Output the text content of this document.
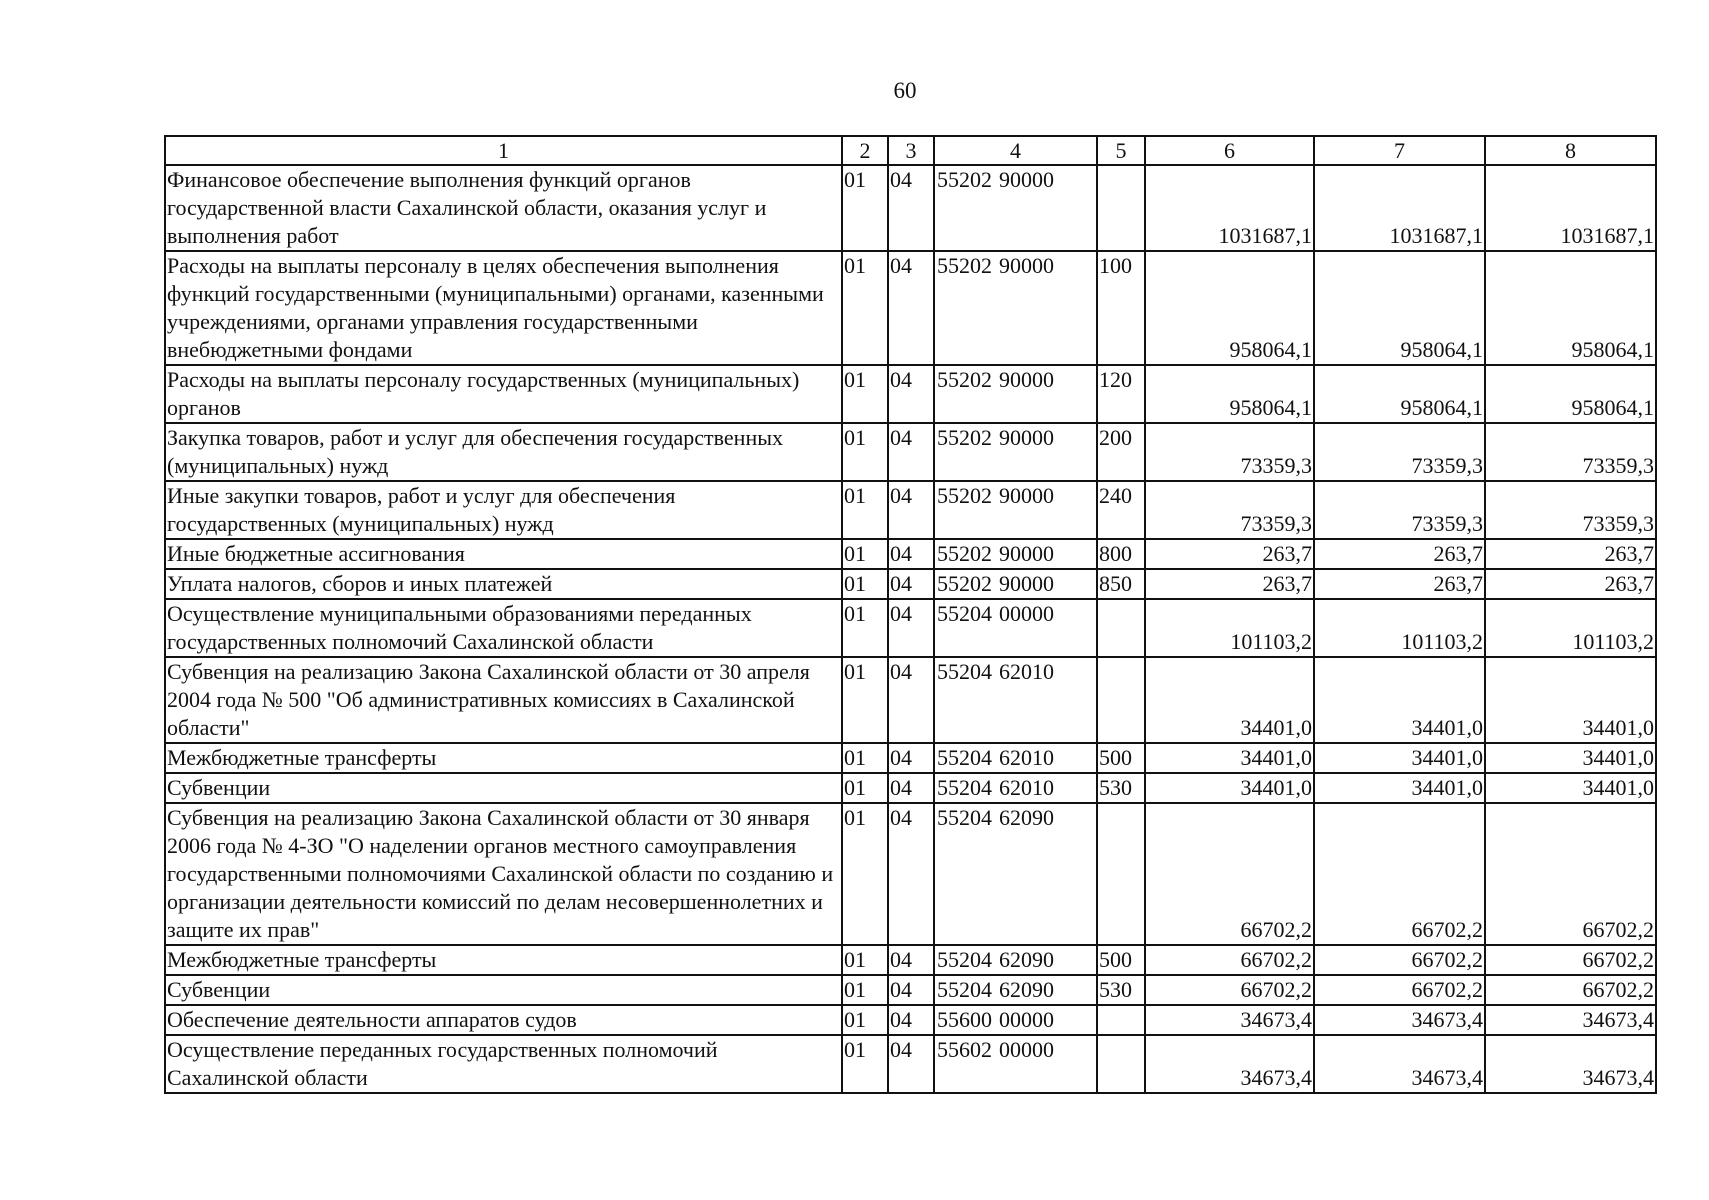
60
1	2	3	4	5	6	7	8
Финансовое обеспечение выполнения функций органов государственной власти Сахалинской области, оказания услуг и выполнения работ	01	04	55202 90000		1031687,1	1031687,1	1031687,1
Расходы на выплаты персоналу в целях обеспечения выполнения функций государственными (муниципальными) органами, казенными учреждениями, органами управления государственными внебюджетными фондами	01	04	55202 90000	100	958064,1	958064,1	958064,1
Расходы на выплаты персоналу государственных (муниципальных) органов	01	04	55202 90000	120	958064,1	958064,1	958064,1
Закупка товаров, работ и услуг для обеспечения государственных (муниципальных) нужд	01	04	55202 90000	200	73359,3	73359,3	73359,3
Иные закупки товаров, работ и услуг для обеспечения государственных (муниципальных) нужд	01	04	55202 90000	240	73359,3	73359,3	73359,3
Иные бюджетные ассигнования	01	04	55202 90000	800	263,7	263,7	263,7
Уплата налогов, сборов и иных платежей	01	04	55202 90000	850	263,7	263,7	263,7
Осуществление муниципальными образованиями переданных государственных полномочий Сахалинской области	01	04	55204 00000		101103,2	101103,2	101103,2
Субвенция на реализацию Закона Сахалинской области от 30 апреля 2004 года № 500 "Об административных комиссиях в Сахалинской области"	01	04	55204 62010		34401,0	34401,0	34401,0
Межбюджетные трансферты	01	04	55204 62010	500	34401,0	34401,0	34401,0
Субвенции	01	04	55204 62010	530	34401,0	34401,0	34401,0
Субвенция на реализацию Закона Сахалинской области от 30 января 2006 года № 4-ЗО "О наделении органов местного самоуправления государственными полномочиями Сахалинской области по созданию и организации деятельности комиссий по делам несовершеннолетних и защите их прав"	01	04	55204 62090		66702,2	66702,2	66702,2
Межбюджетные трансферты	01	04	55204 62090	500	66702,2	66702,2	66702,2
Субвенции	01	04	55204 62090	530	66702,2	66702,2	66702,2
Обеспечение деятельности аппаратов судов	01	04	55600 00000		34673,4	34673,4	34673,4
Осуществление переданных государственных полномочий Сахалинской области	01	04	55602 00000		34673,4	34673,4	34673,4
